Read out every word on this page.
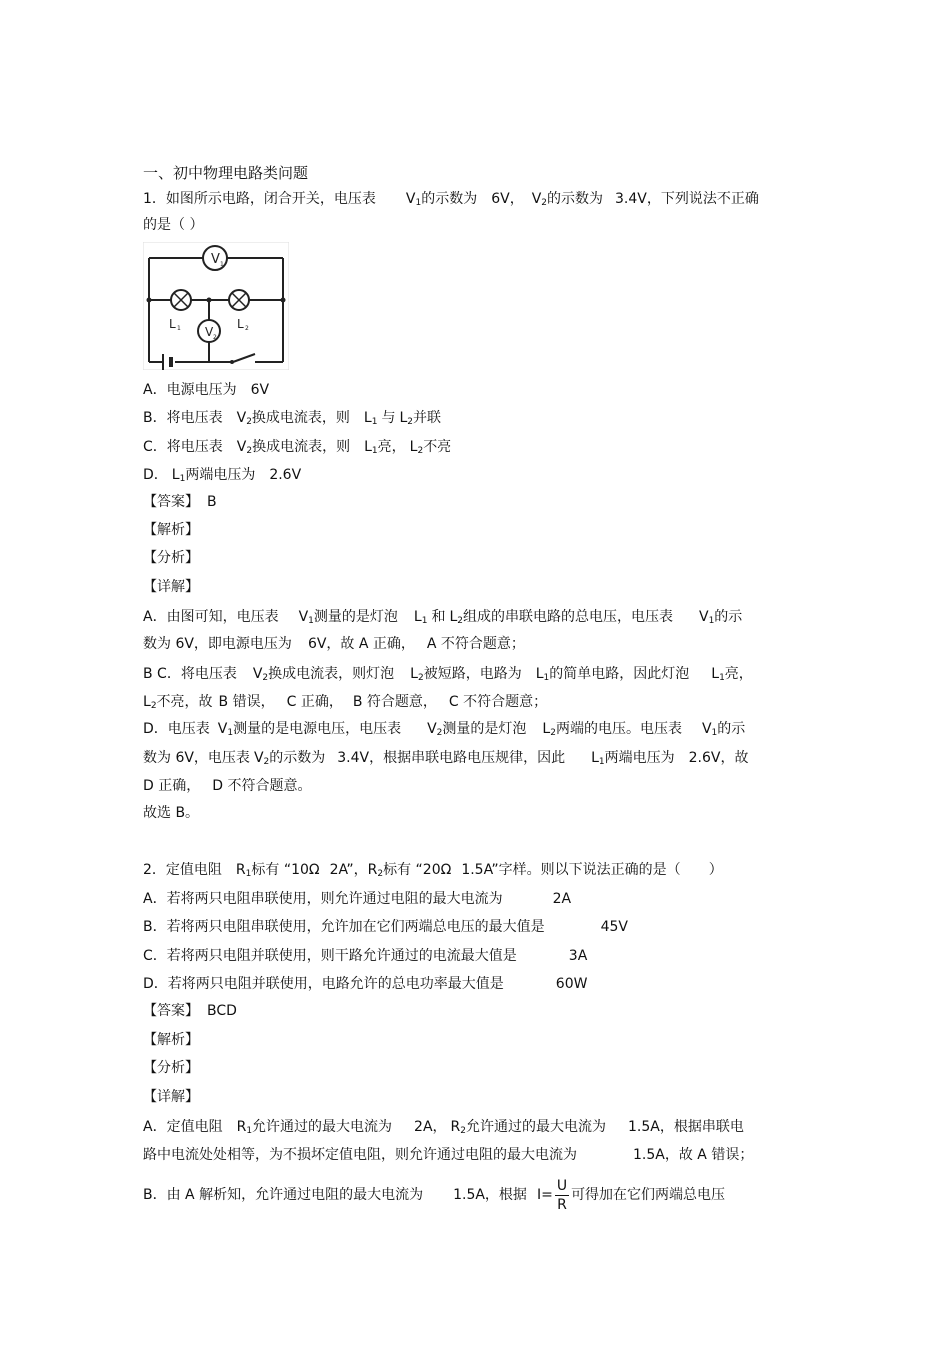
一、初中物理电路类问题
1．如图所示电路，闭合开关，电压表 $V_1$的示数为 6V， $V_2$的示数为 3.4V，下列说法不正确
的是（ ）
V 1
L 1	L 2
V 2
A．电源电压为 6V
B．将电压表 $V_2$换成电流表，则 $L_1$ 与 $L_2$并联
C．将电压表 $V_2$换成电流表，则 $L_1$亮， $L_2$不亮
D． $L_1$两端电压为 2.6V
【答案】 B
【解析】
【分析】
【详解】
A．由图可知，电压表 $V_1$测量的是灯泡 $L_1$ 和 $L_2$组成的串联电路的总电压，电压表 $V_1$的示
数为 6V，即电源电压为 6V，故 A 正确， A 不符合题意；
B C．将电压表 $V_2$换成电流表，则灯泡 $L_2$被短路，电路为 $L_1$的简单电路，因此灯泡 $L_1$亮，
$L_2$不亮，故 B 错误， C 正确， B 符合题意， C 不符合题意；
D．电压表 $V_1$测量的是电源电压，电压表 $V_2$测量的是灯泡 $L_2$两端的电压。电压表 $V_1$的示
数为 6V，电压表 $V_2$的示数为 3.4V，根据串联电路电压规律，因此 $L_1$两端电压为 2.6V，故
D 正确， D 不符合题意。
故选 B。
2．定值电阻 $R_1$标有 “10Ω 2A”，$R_2$标有 “20Ω 1.5A”字样。则以下说法正确的是（ ）
A．若将两只电阻串联使用，则允许通过电阻的最大电流为	2A
B．若将两只电阻串联使用，允许加在它们两端总电压的最大值是	45V
C．若将两只电阻并联使用，则干路允许通过的电流最大值是	3A
D．若将两只电阻并联使用，电路允许的总电功率最大值是	60W
【答案】 BCD
【解析】
【分析】
【详解】
A．定值电阻 $R_1$允许通过的最大电流为 2A， $R_2$允许通过的最大电流为 1.5A，根据串联电
路中电流处处相等，为不损坏定值电阻，则允许通过电阻的最大电流为	1.5A，故 A 错误；
B．由 A 解析知，允许通过电阻的最大电流为 1.5A，根据 $I= \frac{U}{R}$ 可得加在它们两端总电压
